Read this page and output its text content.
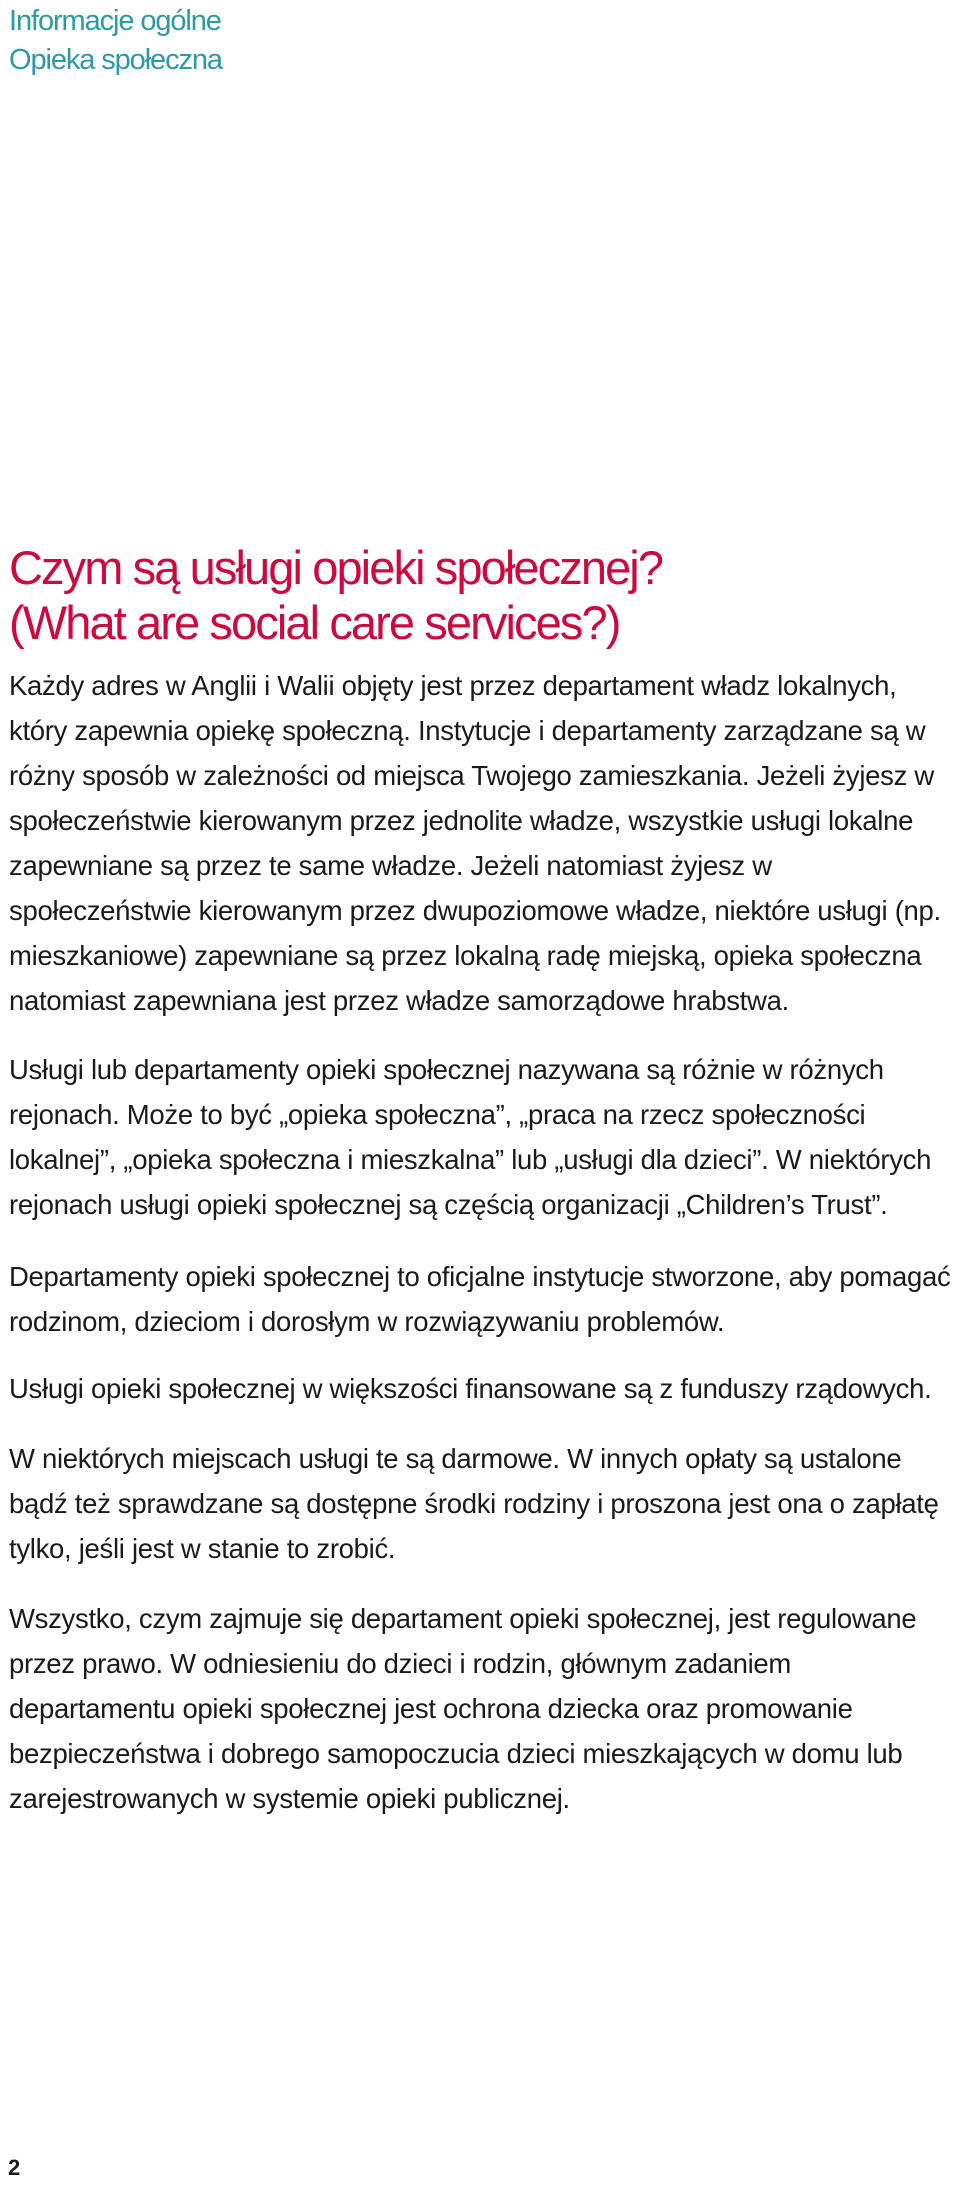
Informacje ogólne
Opieka społeczna
Czym są usługi opieki społecznej?
(What are social care services?)

Każdy adres w Anglii i Walii objęty jest przez departament władz lokalnych, który zapewnia opiekę społeczną. Instytucje i departamenty zarządzane są w różny sposób w zależności od miejsca Twojego zamieszkania. Jeżeli żyjesz w społeczeństwie kierowanym przez jednolite władze, wszystkie usługi lokalne zapewniane są przez te same władze. Jeżeli natomiast żyjesz w społeczeństwie kierowanym przez dwupoziomowe władze, niektóre usługi (np. mieszkaniowe) zapewniane są przez lokalną radę miejską, opieka społeczna natomiast zapewniana jest przez władze samorządowe hrabstwa.

Usługi lub departamenty opieki społecznej nazywana są różnie w różnych rejonach. Może to być „opieka społeczna”, „praca na rzecz społeczności lokalnej”, „opieka społeczna i mieszkalna” lub „usługi dla dzieci”. W niektórych rejonach usługi opieki społecznej są częścią organizacji „Children’s Trust”.

Departamenty opieki społecznej to oficjalne instytucje stworzone, aby pomagać rodzinom, dzieciom i dorosłym w rozwiązywaniu problemów.

Usługi opieki społecznej w większości finansowane są z funduszy rządowych.

W niektórych miejscach usługi te są darmowe. W innych opłaty są ustalone bądź też sprawdzane są dostępne środki rodziny i proszona jest ona o zapłatę tylko, jeśli jest w stanie to zrobić.

Wszystko, czym zajmuje się departament opieki społecznej, jest regulowane przez prawo. W odniesieniu do dzieci i rodzin, głównym zadaniem departamentu opieki społecznej jest ochrona dziecka oraz promowanie bezpieczeństwa i dobrego samopoczucia dzieci mieszkających w domu lub zarejestrowanych w systemie opieki publicznej.

2
